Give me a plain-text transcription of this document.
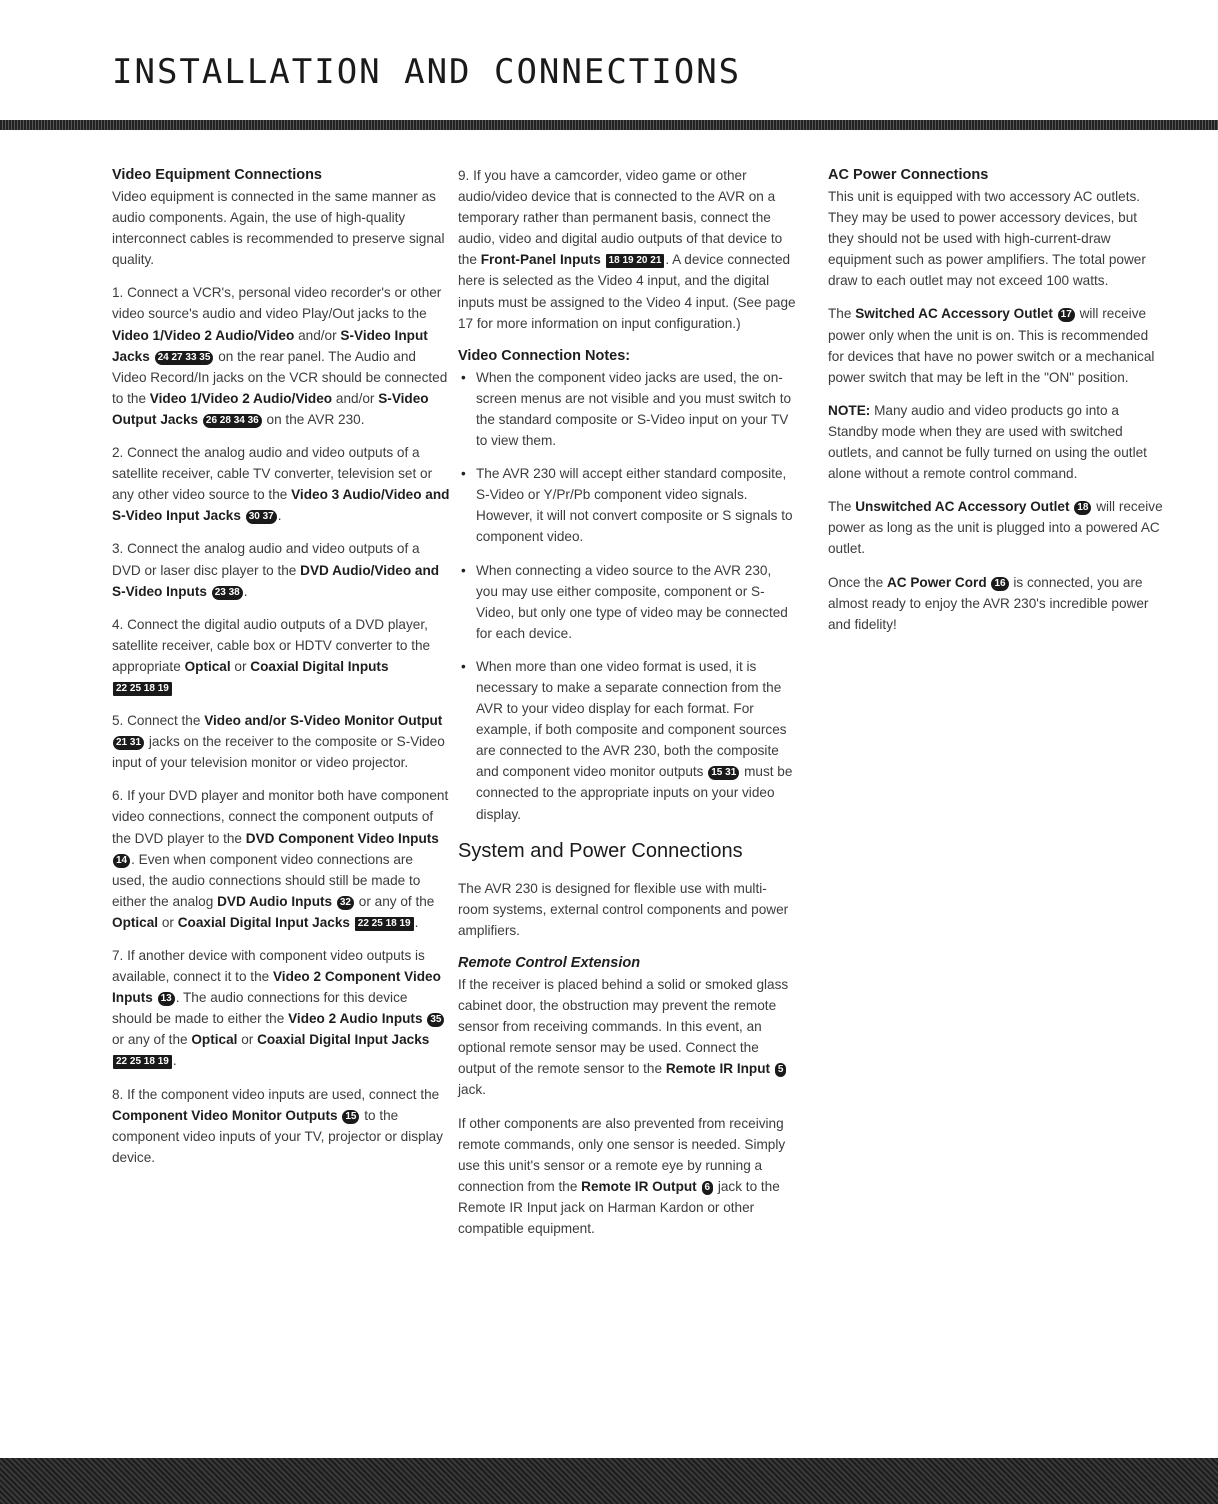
INSTALLATION AND CONNECTIONS
Video Equipment Connections

Video equipment is connected in the same manner as audio components. Again, the use of high-quality interconnect cables is recommended to preserve signal quality.

1. Connect a VCR's, personal video recorder's or other video source's audio and video Play/Out jacks to the Video 1/Video 2 Audio/Video and/or S-Video Input Jacks 24 27 33 35 on the rear panel. The Audio and Video Record/In jacks on the VCR should be connected to the Video 1/Video 2 Audio/Video and/or S-Video Output Jacks 26 28 34 36 on the AVR 230.

2. Connect the analog audio and video outputs of a satellite receiver, cable TV converter, television set or any other video source to the Video 3 Audio/Video and S-Video Input Jacks 30 37 .

3. Connect the analog audio and video outputs of a DVD or laser disc player to the DVD Audio/Video and S-Video Inputs 23 38 .

4. Connect the digital audio outputs of a DVD player, satellite receiver, cable box or HDTV converter to the appropriate Optical or Coaxial Digital Inputs 22 25 18 19

5. Connect the Video and/or S-Video Monitor Output 21 31 jacks on the receiver to the composite or S-Video input of your television monitor or video projector.

6. If your DVD player and monitor both have component video connections, connect the component outputs of the DVD player to the DVD Component Video Inputs 14 . Even when component video connections are used, the audio connections should still be made to either the analog DVD Audio Inputs 32 or any of the Optical or Coaxial Digital Input Jacks 22 25 18 19 .

7. If another device with component video outputs is available, connect it to the Video 2 Component Video Inputs 13 . The audio connections for this device should be made to either the Video 2 Audio Inputs 35 or any of the Optical or Coaxial Digital Input Jacks 22 25 18 19 .

8. If the component video inputs are used, connect the Component Video Monitor Outputs 15 to the component video inputs of your TV, projector or display device.

9. If you have a camcorder, video game or other audio/video device that is connected to the AVR on a temporary rather than permanent basis, connect the audio, video and digital audio outputs of that device to the Front-Panel Inputs 18 19 20 21 . A device connected here is selected as the Video 4 input, and the digital inputs must be assigned to the Video 4 input. (See page 17 for more information on input configuration.)

Video Connection Notes:
• When the component video jacks are used, the on-screen menus are not visible and you must switch to the standard composite or S-Video input on your TV to view them.
• The AVR 230 will accept either standard composite, S-Video or Y/Pr/Pb component video signals. However, it will not convert composite or S signals to component video.
• When connecting a video source to the AVR 230, you may use either composite, component or S-Video, but only one type of video may be connected for each device.
• When more than one video format is used, it is necessary to make a separate connection from the AVR to your video display for each format. For example, if both composite and component sources are connected to the AVR 230, both the composite and component video monitor outputs 15 31 must be connected to the appropriate inputs on your video display.
System and Power Connections

The AVR 230 is designed for flexible use with multi-room systems, external control components and power amplifiers.

Remote Control Extension

If the receiver is placed behind a solid or smoked glass cabinet door, the obstruction may prevent the remote sensor from receiving commands. In this event, an optional remote sensor may be used. Connect the output of the remote sensor to the Remote IR Input 5 jack.

If other components are also prevented from receiving remote commands, only one sensor is needed. Simply use this unit's sensor or a remote eye by running a connection from the Remote IR Output 6 jack to the Remote IR Input jack on Harman Kardon or other compatible equipment.

AC Power Connections

This unit is equipped with two accessory AC outlets. They may be used to power accessory devices, but they should not be used with high-current-draw equipment such as power amplifiers. The total power draw to each outlet may not exceed 100 watts.

The Switched AC Accessory Outlet 17 will receive power only when the unit is on. This is recommended for devices that have no power switch or a mechanical power switch that may be left in the "ON" position.

NOTE: Many audio and video products go into a Standby mode when they are used with switched outlets, and cannot be fully turned on using the outlet alone without a remote control command.

The Unswitched AC Accessory Outlet 18 will receive power as long as the unit is plugged into a powered AC outlet.

Once the AC Power Cord 16 is connected, you are almost ready to enjoy the AVR 230's incredible power and fidelity!
